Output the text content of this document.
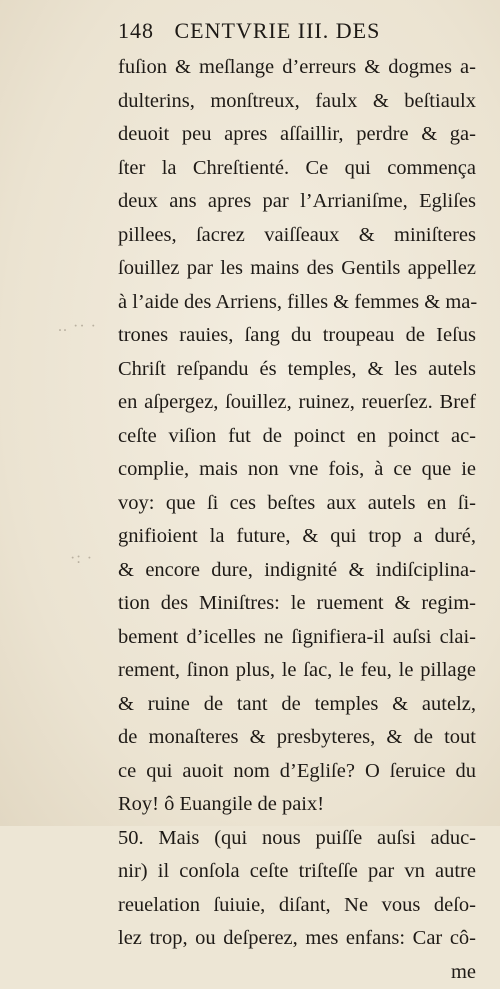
148 CENTVRIE III. DES
.. ·· ·
·: ·
fuſion & meſlange d’erreurs & dogmes a-
dulterins, monſtreux, faulx & beſtiaulx
deuoit peu apres aſſaillir, perdre & ga-
ſter la Chreſtienté. Ce qui commença
deux ans apres par l’Arrianiſme, Egliſes
pillees, ſacrez vaiſſeaux & miniſteres
ſouillez par les mains des Gentils appellez
à l’aide des Arriens, filles & femmes & ma-
trones rauies, ſang du troupeau de Ieſus
Chriſt reſpandu és temples, & les autels
en aſpergez, ſouillez, ruinez, reuerſez. Bref
ceſte viſion fut de poinct en poinct ac-
complie, mais non vne fois, à ce que ie
voy: que ſi ces beſtes aux autels en ſi-
gnifioient la future, & qui trop a duré,
& encore dure, indignité & indiſciplina-
tion des Miniſtres: le ruement & regim-
bement d’icelles ne ſignifiera-il auſsi clai-
rement, ſinon plus, le ſac, le feu, le pillage
& ruine de tant de temples & autelz,
de monaſteres & presbyteres, & de tout
ce qui auoit nom d’Egliſe? O ſeruice du
Roy! ô Euangile de paix!
50. Mais (qui nous puiſſe auſsi aduc-
nir) il conſola ceſte triſteſſe par vn autre
reuelation ſuiuie, diſant, Ne vous deſo-
lez trop, ou deſperez, mes enfans: Car cô-
me
